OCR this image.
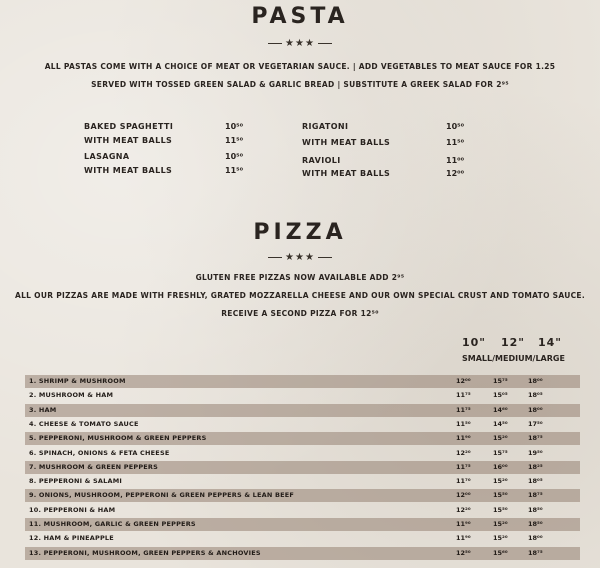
PASTA
★★★
ALL PASTAS COME WITH A CHOICE OF MEAT OR VEGETARIAN SAUCE. | ADD VEGETABLES TO MEAT SAUCE FOR 1.25
SERVED WITH TOSSED GREEN SALAD & GARLIC BREAD | SUBSTITUTE A GREEK SALAD FOR 2⁹⁵
BAKED SPAGHETTI	10⁵⁰
WITH MEAT BALLS	11⁵⁰
LASAGNA	10⁵⁰
WITH MEAT BALLS	11⁵⁰
RIGATONI	10⁵⁰
WITH MEAT BALLS	11⁵⁰
RAVIOLI	11⁰⁰
WITH MEAT BALLS	12⁰⁰
PIZZA
★★★
GLUTEN FREE PIZZAS NOW AVAILABLE ADD 2⁹⁵
ALL OUR PIZZAS ARE MADE WITH FRESHLY, GRATED MOZZARELLA CHEESE AND OUR OWN SPECIAL CRUST AND TOMATO SAUCE.
RECEIVE A SECOND PIZZA FOR 12⁵⁰
10" 12" 14"
SMALL/MEDIUM/LARGE
1. SHRIMP & MUSHROOM	12⁰⁰	15⁷⁵	18⁰⁰
2. MUSHROOM & HAM	11⁷⁵	15⁰⁵	18⁰⁵
3. HAM	11⁷⁵	14⁶⁰	18⁰⁰
4. CHEESE & TOMATO SAUCE	11⁵⁰	14⁵⁰	17⁵⁰
5. PEPPERONI, MUSHROOM & GREEN PEPPERS	11⁹⁰	15²⁰	18⁷⁵
6. SPINACH, ONIONS & FETA CHEESE	12²⁰	15⁷⁵	19⁵⁰
7. MUSHROOM & GREEN PEPPERS	11⁷⁵	16⁰⁰	18²⁵
8. PEPPERONI & SALAMI	11⁷⁰	15²⁰	18⁰⁵
9. ONIONS, MUSHROOM, PEPPERONI & GREEN PEPPERS & LEAN BEEF	12⁰⁰	15⁵⁰	18⁷⁵
10. PEPPERONI & HAM	12²⁰	15⁵⁰	18⁵⁰
11. MUSHROOM, GARLIC & GREEN PEPPERS	11⁹⁰	15²⁰	18⁵⁰
12. HAM & PINEAPPLE	11⁹⁰	15²⁰	18⁰⁰
13. PEPPERONI, MUSHROOM, GREEN PEPPERS & ANCHOVIES	12⁵⁰	15⁶⁰	18⁷⁵
